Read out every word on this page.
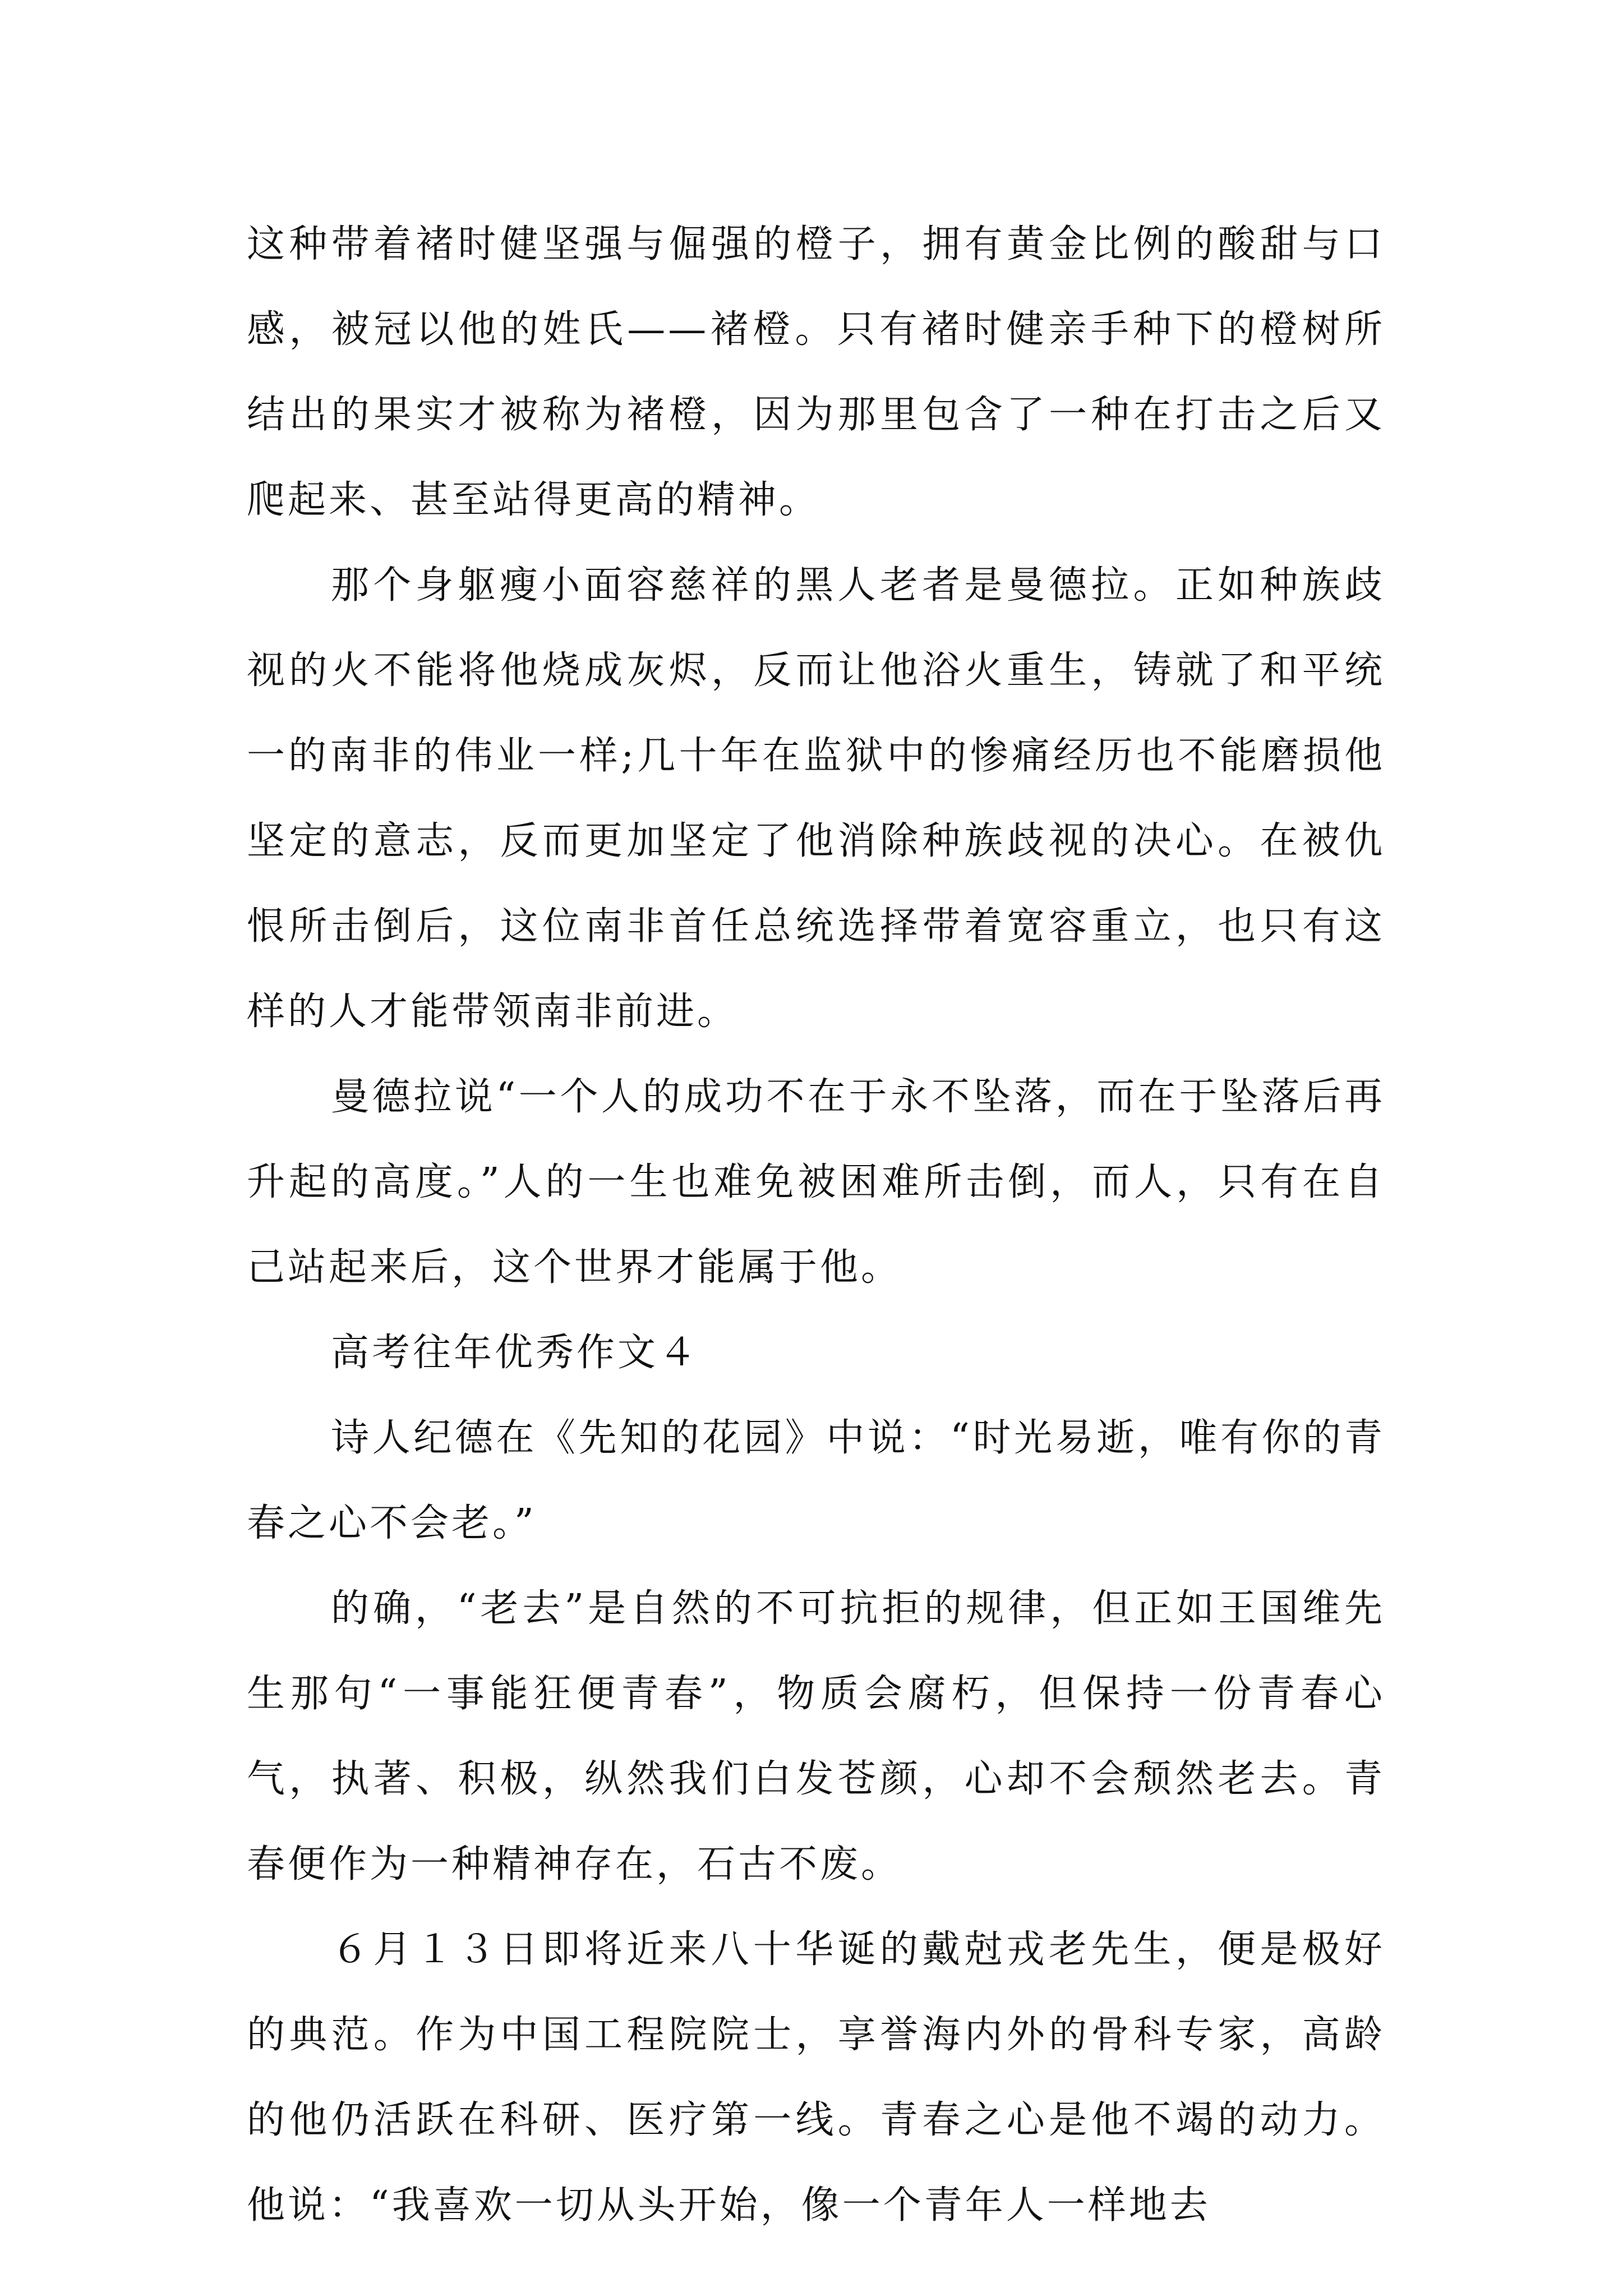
这种带着褚时健坚强与倔强的橙子，拥有黄金比例的酸甜与口感，被冠以他的姓氏——褚橙。只有褚时健亲手种下的橙树所结出的果实才被称为褚橙，因为那里包含了一种在打击之后又爬起来、甚至站得更高的精神。

那个身躯瘦小面容慈祥的黑人老者是曼德拉。正如种族歧视的火不能将他烧成灰烬，反而让他浴火重生，铸就了和平统一的南非的伟业一样;几十年在监狱中的惨痛经历也不能磨损他坚定的意志，反而更加坚定了他消除种族歧视的决心。在被仇恨所击倒后，这位南非首任总统选择带着宽容重立，也只有这样的人才能带领南非前进。

曼德拉说“一个人的成功不在于永不坠落，而在于坠落后再升起的高度。”人的一生也难免被困难所击倒，而人，只有在自己站起来后，这个世界才能属于他。

高考往年优秀作文４

诗人纪德在《先知的花园》中说：“时光易逝，唯有你的青春之心不会老。”

的确，“老去”是自然的不可抗拒的规律，但正如王国维先生那句“一事能狂便青春”，物质会腐朽，但保持一份青春心气，执著、积极，纵然我们白发苍颜，心却不会颓然老去。青春便作为一种精神存在，石古不废。

６月１３日即将近来八十华诞的戴尅戎老先生，便是极好的典范。作为中国工程院院士，享誉海内外的骨科专家，高龄的他仍活跃在科研、医疗第一线。青春之心是他不竭的动力。他说：“我喜欢一切从头开始，像一个青年人一样地去
